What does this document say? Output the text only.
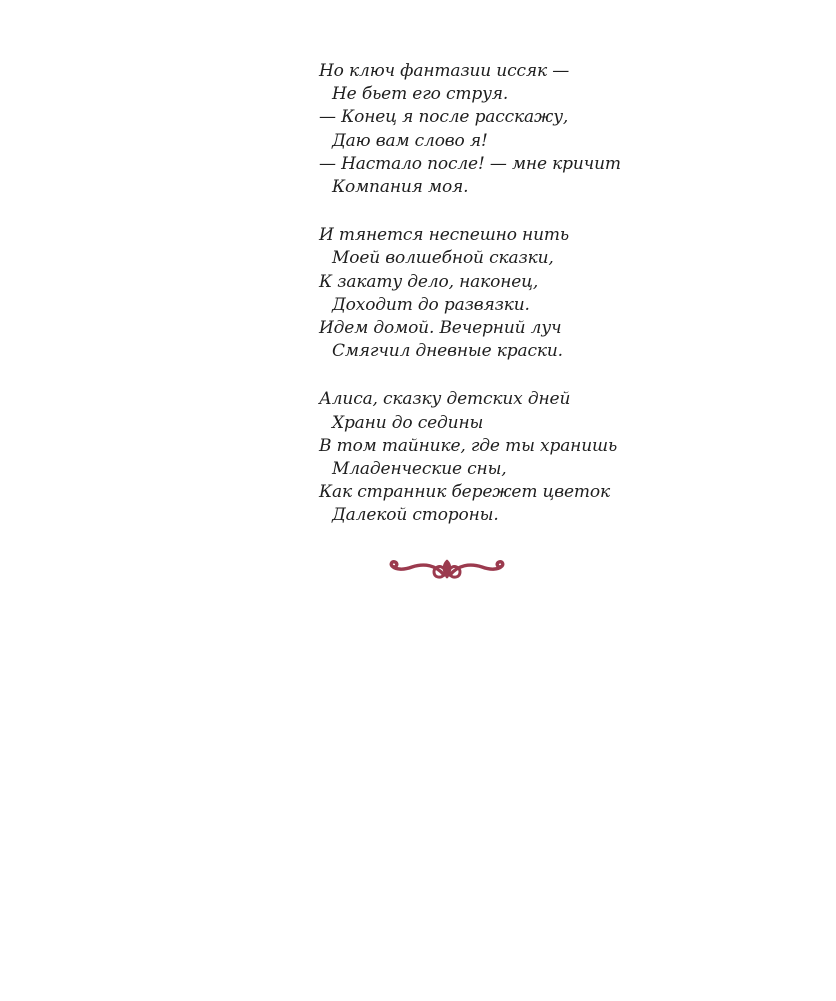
Но ключ фантазии иссяк —
Не бьет его струя.
— Конец я после расскажу,
Даю вам слово я!
— Настало после! — мне кричит
Компания моя.
И тянется неспешно нить
Моей волшебной сказки,
К закату дело, наконец,
Доходит до развязки.
Идем домой. Вечерний луч
Смягчил дневные краски.
Алиса, сказку детских дней
Храни до седины
В том тайнике, где ты хранишь
Младенческие сны,
Как странник бережет цветок
Далекой стороны.
